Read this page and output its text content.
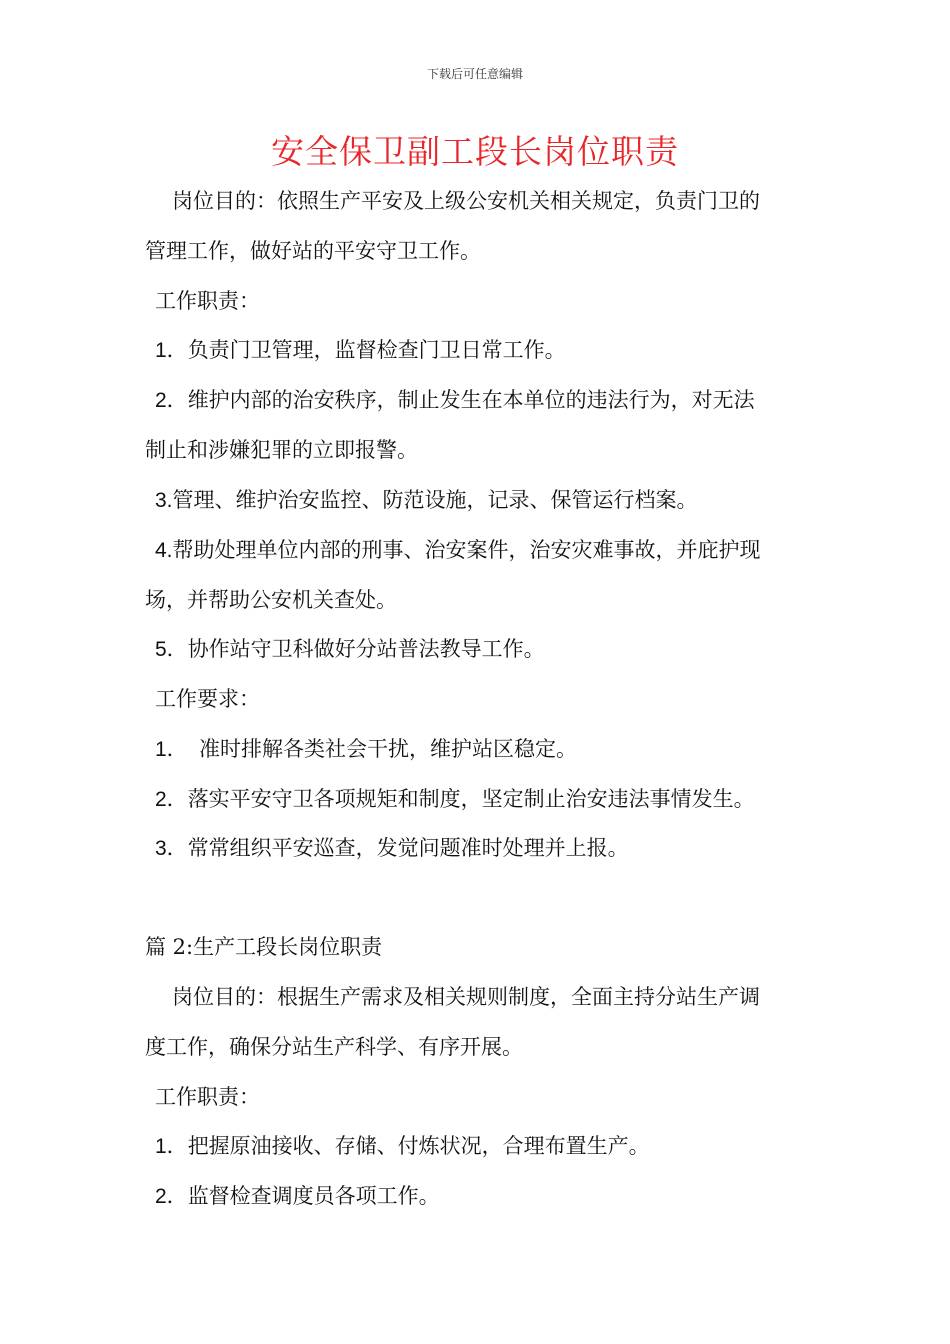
下载后可任意编辑
安全保卫副工段长岗位职责
岗位目的：依照生产平安及上级公安机关相关规定，负责门卫的
管理工作，做好站的平安守卫工作。
工作职责：
1．负责门卫管理，监督检查门卫日常工作。
2．维护内部的治安秩序，制止发生在本单位的违法行为，对无法
制止和涉嫌犯罪的立即报警。
3.管理、维护治安监控、防范设施，记录、保管运行档案。
4.帮助处理单位内部的刑事、治安案件，治安灾难事故，并庇护现
场，并帮助公安机关查处。
5．协作站守卫科做好分站普法教导工作。
工作要求：
1． 准时排解各类社会干扰，维护站区稳定。
2．落实平安守卫各项规矩和制度，坚定制止治安违法事情发生。
3．常常组织平安巡查，发觉问题准时处理并上报。
篇 2:生产工段长岗位职责
岗位目的：根据生产需求及相关规则制度，全面主持分站生产调
度工作，确保分站生产科学、有序开展。
工作职责：
1．把握原油接收、存储、付炼状况，合理布置生产。
2．监督检查调度员各项工作。
